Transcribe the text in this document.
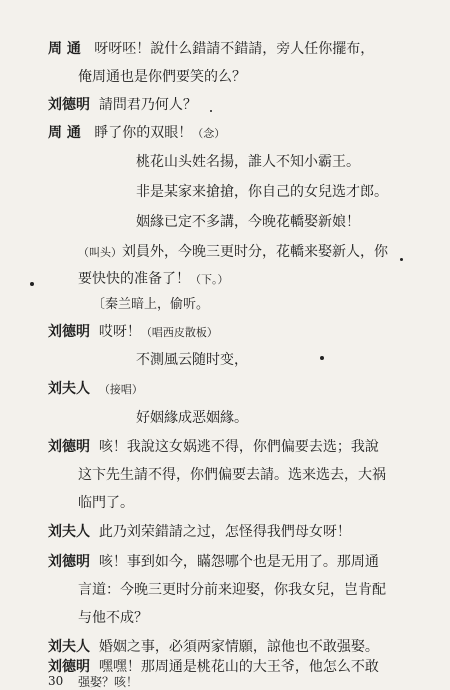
周 通 呀呀呸！說什么錯請不錯請，旁人任你擺布，
俺周通也是你們要笑的么？
刘德明 請問君乃何人？
周 通 睜了你的双眼！（念）
桃花山头姓名揚，誰人不知小霸王。
非是某家来搶搶，你自己的女兒选才郎。
姻緣已定不多講，今晚花轎娶新娘！
（叫头）刘員外，今晚三更时分，花轎来娶新人，你
要快快的准备了！（下。）
〔秦兰暗上，偷听。
刘德明 哎呀！（唱西皮散板）
不測風云随时变，
刘夫人 （接唱）
好姻緣成恶姻緣。
刘德明 咳！我說这女娲逃不得，你們偏要去选；我說
这卞先生請不得，你們偏要去請。选来选去，大祸
临門了。
刘夫人 此乃刘荣錯請之过，怎怪得我們母女呀！
刘德明 咳！事到如今，瞞怨哪个也是无用了。那周通
言道：今晚三更时分前来迎娶，你我女兒，岂肯配
与他不成？
刘夫人 婚姻之事，必須两家情願，諒他也不敢强娶。
刘德明 嘿嘿！那周通是桃花山的大王爷，他怎么不敢
强娶？咳！
30
